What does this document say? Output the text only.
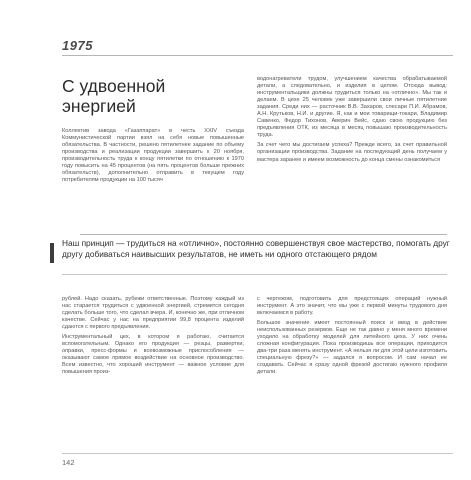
1975
С удвоенной энергией

Коллектив завода «Газаппарат» в честь XXIV съезда Коммунистической партии взял на себя новые повышенные обязательства. В частности, решено пятилетнее задание по объему производства и реализации продукции завершить к 20 ноября, производительность труда к концу пятилетки по отношению к 1970 году повысить на 45 процентов (на пять процентов больше прежних обязательств), дополнительно отправить в текущем году потребителям продукции на 100 тысяч

водонагреватели трудом, улучшением качества обрабатываемой детали, а следовательно, и изделия в целом. Отсюда вывод: инструментальщики должны трудиться только на «отлично». Мы так и делаем. В цехе 25 человек уже завершили свои личные пятилетние задания. Среди них — расточник В.В. Захаров, слесари П.И. Абрамов, А.Н. Крутьков, Н.И. и другие. Я, как и мои товарищи-токари, Владимир Савенко, Федор Тихонов, Аверин Вейс, сдаю свою продукцию без предъявления ОТК, из месяца в месяц повышаю производительность труда.

За счет чего мы достигаем успеха? Прежде всего, за счет правильной организации производства. Задание на последующий день получаем у мастера заранее и имеем возможность до конца смены ознакомиться

Наш принцип — трудиться на «отлично», постоянно совершенствуя свое мастерство, помогать друг другу добиваться наивысших результатов, не иметь ни одного отстающего рядом

рублей. Надо сказать, рубежи ответственные. Поэтому каждый из нас старается трудиться с удвоенной энергией, стремится сегодня сделать больше того, что сделал вчера. И, конечно же, при отличном качестве. Сейчас у нас на предприятии 99,8 процента изделий сдаются с первого предъявления.

Инструментальный цех, в котором я работаю, считается вспомогательным. Однако его продукция — резцы, развертки, оправки, пресс-формы и всевозможные приспособления — оказывают самое прямое воздействие на основное производство. Всем известно, что хороший инструмент — важное условие для повышения произ-

с чертежом, подготовить для предстоящих операций нужный инструмент. А это значит, что мы уже с первой минуты трудового дня включаемся в работу.

Большое значение имеет постоянный поиск и ввод в действие неиспользованных резервов. Еще не так давно у меня много времени уходило на обработку моделей для литейного цеха. У них очень сложная конфигурация. Пока производишь все операции, приходится два-три раза менять инструмент. «А нельзя ли для этой цели изготовить специальную фрезу?» — задался я вопросом. И сам начал ее создавать. Сейчас я сразу одной фрезой достигаю нужного профиля детали.

142
